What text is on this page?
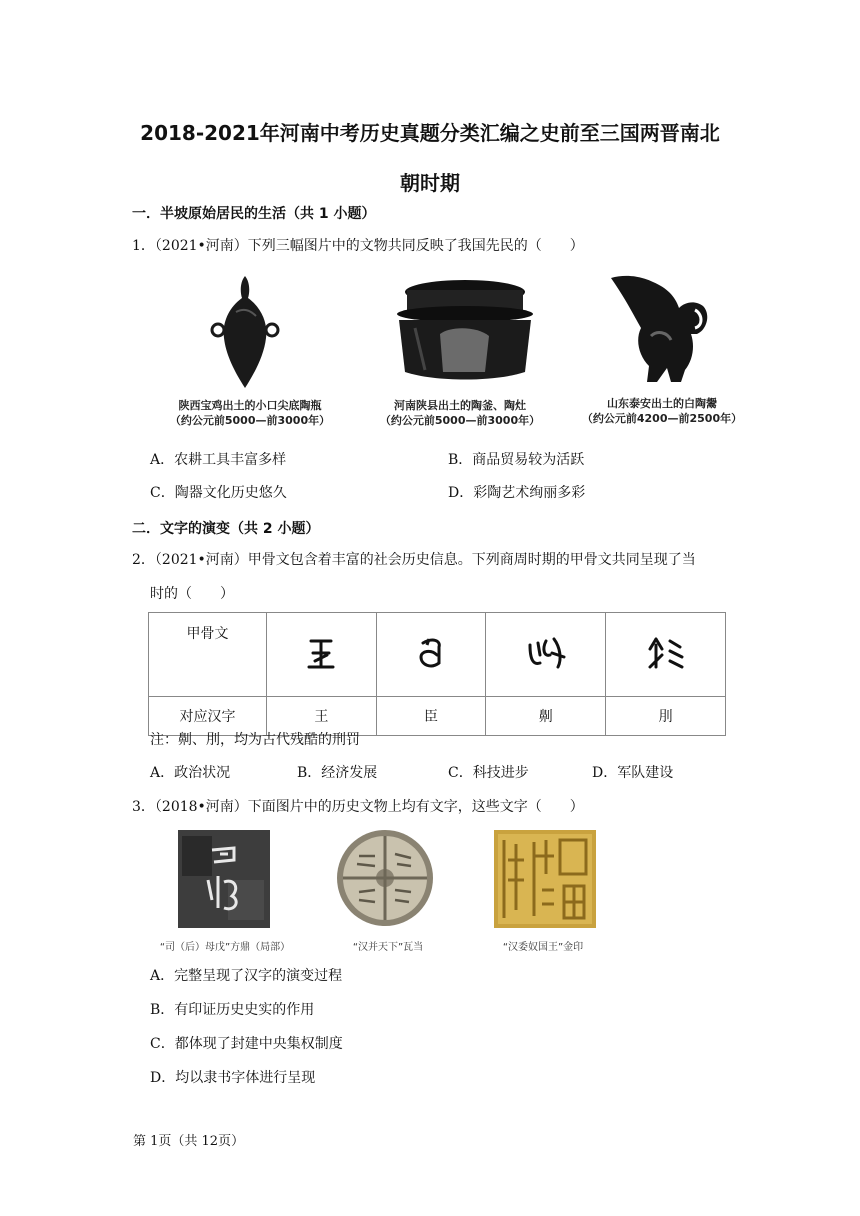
2018-2021年河南中考历史真题分类汇编之史前至三国两晋南北
朝时期
一．半坡原始居民的生活（共 1 小题）
1．（2021•河南）下列三幅图片中的文物共同反映了我国先民的（　　）
陕西宝鸡出土的小口尖底陶瓶
（约公元前5000—前3000年）
河南陕县出土的陶釜、陶灶
（约公元前5000—前3000年）
山东泰安出土的白陶鬶
（约公元前4200—前2500年）
A．农耕工具丰富多样	B．商品贸易较为活跃
C．陶器文化历史悠久	D．彩陶艺术绚丽多彩
二．文字的演变（共 2 小题）
2．（2021•河南）甲骨文包含着丰富的社会历史信息。下列商周时期的甲骨文共同呈现了当
时的（　　）
甲骨文				
对应汉字	王	臣	劓	刖
注：劓、刖，均为古代残酷的刑罚
A．政治状况	B．经济发展	C．科技进步	D．军队建设
3．（2018•河南）下面图片中的历史文物上均有文字，这些文字（　　）
“司（后）母戊”方鼎（局部）	“汉并天下”瓦当	“汉委奴国王”金印
A．完整呈现了汉字的演变过程
B．有印证历史史实的作用
C．都体现了封建中央集权制度
D．均以隶书字体进行呈现
第 1页（共 12页）
